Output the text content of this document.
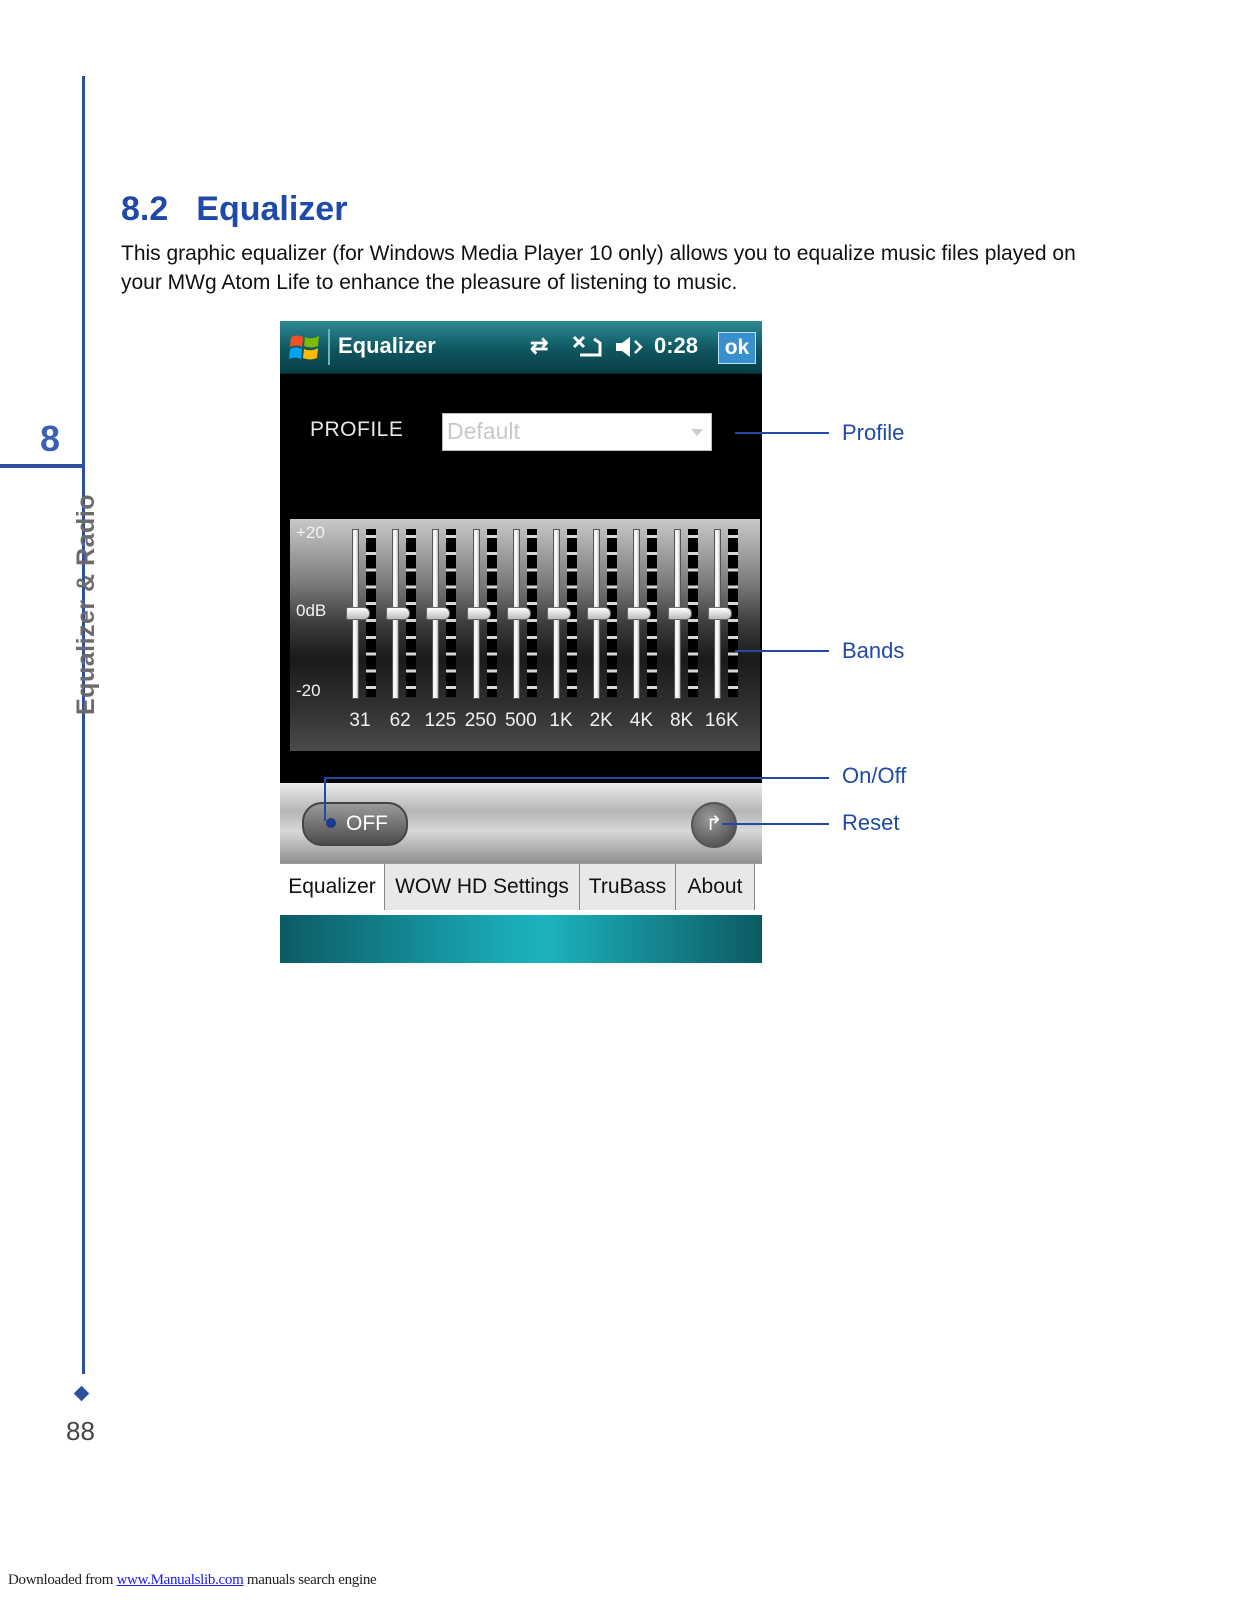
8
Equalizer & Radio
88
Downloaded from www.Manualslib.com manuals search engine
8.2 Equalizer
This graphic equalizer (for Windows Media Player 10 only) allows you to equalize music files played on your MWg Atom Life to enhance the pleasure of listening to music.
Equalizer	⇄	0:28	ok
PROFILE Default
+20
0dB
-20
31	62 125 250 500 1K 2K 4K 8K 16K
OFF	↱
Equalizer WOW HD Settings TruBass	About
Profile
Bands
On/Off
Reset
